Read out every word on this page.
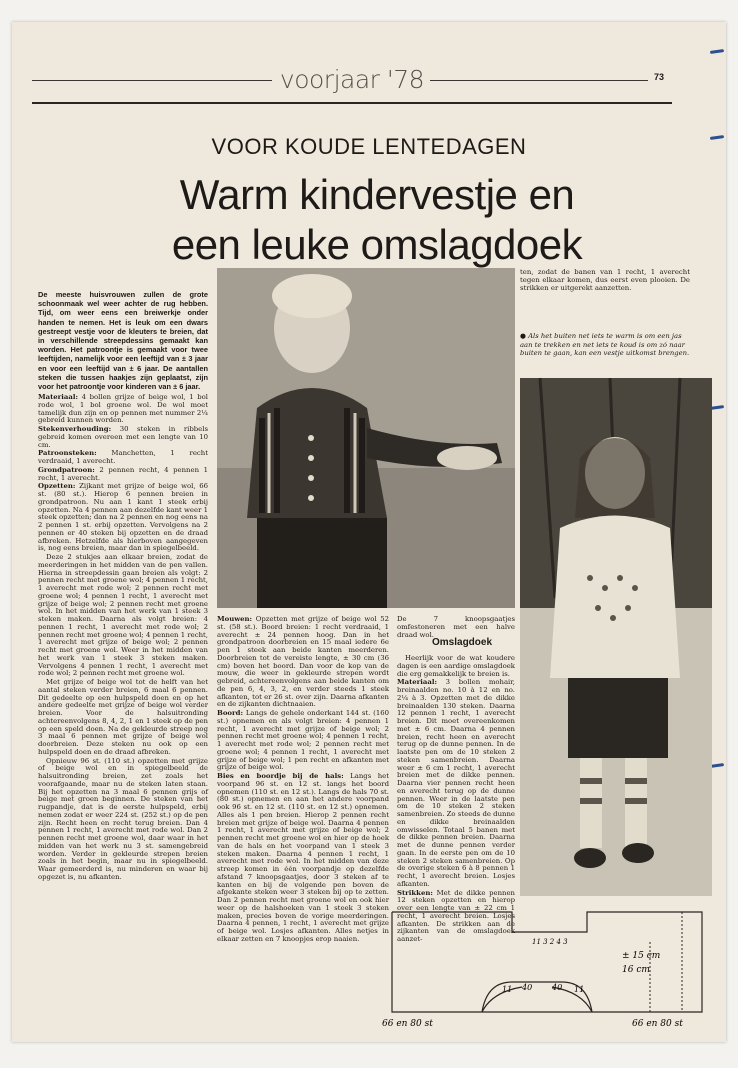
voorjaar '78	73
VOOR KOUDE LENTEDAGEN
Warm kindervestje en
een leuke omslagdoek
De meeste huisvrouwen zullen de grote schoonmaak wel weer achter de rug hebben. Tijd, om weer eens een breiwerkje onder handen te nemen. Het is leuk om een dwars gestreept vestje voor de kleuters te breien, dat in verschillende streepdessins gemaakt kan worden. Het patroontje is gemaakt voor twee leeftijden, namelijk voor een leeftijd van ± 3 jaar en voor een leeftijd van ± 6 jaar. De aantallen steken die tussen haakjes zijn geplaatst, zijn voor het patroontje voor kinderen van ± 6 jaar.

Materiaal: 4 bollen grijze of beige wol, 1 bol rode wol, 1 bol groene wol. De wol moet tamelijk dun zijn en op pennen met nummer 2¼ gebreid kunnen worden.

Stekenverhouding: 30 steken in ribbels gebreid komen overeen met een lengte van 10 cm.

Patroonsteken: Manchetten, 1 recht verdraaid, 1 averecht.

Grondpatroon: 2 pennen recht, 4 pennen 1 recht, 1 averecht.

Opzetten: Zijkant met grijze of beige wol, 66 st. (80 st.). Hierop 6 pennen breien in grondpatroon. Nu aan 1 kant 1 steek erbij opzetten. Na 4 pennen aan dezelfde kant weer 1 steek opzetten; dan na 2 pennen en nog eens na 2 pennen 1 st. erbij opzetten. Vervolgens na 2 pennen er 40 steken bij opzetten en de draad afbreken. Hetzelfde als hierboven aangegeven is, nog eens breien, maar dan in spiegelbeeld.

Deze 2 stukjes aan elkaar breien, zodat de meerderingen in het midden van de pen vallen. Hierna in streepdessin gaan breien als volgt: 2 pennen recht met groene wol; 4 pennen 1 recht, 1 averecht met rode wol; 2 pennen recht met groene wol; 4 pennen 1 recht, 1 averecht met grijze of beige wol; 2 pennen recht met groene wol. In het midden van het werk van 1 steek 3 steken maken. Daarna als volgt breien: 4 pennen 1 recht, 1 averecht met rode wol; 2 pennen recht met groene wol; 4 pennen 1 recht, 1 averecht met grijze of beige wol; 2 pennen recht met groene wol. Weer in het midden van het werk van 1 steek 3 steken maken. Vervolgens 4 pennen 1 recht, 1 averecht met rode wol; 2 pennen recht met groene wol.

Met grijze of beige wol tot de helft van het aantal steken verder breien, 6 maal 6 pennen. Dit gedeelte op een hulpspeld doen en op het andere gedeelte met grijze of beige wol verder breien. Voor de halsuitronding achtereenvolgens 8, 4, 2, 1 en 1 steek op de pen op een speld doen. Na de gekleurde streep nog 3 maal 6 pennen met grijze of beige wol doorbreien. Deze steken nu ook op een hulpspeld doen en de draad afbreken.

Opnieuw 96 st. (110 st.) opzetten met grijze of beige wol en in spiegelbeeld de halsuitronding breien, zet zoals het voorafgaande, maar nu de steken laten staan. Bij het opzetten na 3 maal 6 pennen grijs of beige met groen beginnen. De steken van het rugpandje, dat is de eerste hulpspeld, erbij nemen zodat er weer 224 st. (252 st.) op de pen zijn. Recht heen en recht terug breien. Dan 4 pennen 1 recht, 1 averecht met rode wol. Dan 2 pennen recht met groene wol, daar waar in het midden van het werk nu 3 st. samengebreid worden. Verder in gekleurde strepen breien zoals in het begin, maar nu in spiegelbeeld. Waar gemeerderd is, nu minderen en waar bij opgezet is, nu afkanten.

Mouwen: Opzetten met grijze of beige wol 52 st. (58 st.). Boord breien: 1 recht verdraaid, 1 averecht ± 24 pennen hoog. Dan in het grondpatroon doorbreien en 15 maal iedere 6e pen 1 steek aan beide kanten meerderen. Doorbreien tot de vereiste lengte, ± 30 cm (36 cm) boven het boord. Dan voor de kop van de mouw, die weer in gekleurde strepen wordt gebreid, achtereenvolgens aan beide kanten om de pen 6, 4, 3, 2, en verder steeds 1 steek afkanten, tot er 26 st. over zijn. Daarna afkanten en de zijkanten dichtnaaien.

Boord: Langs de gehele onderkant 144 st. (160 st.) opnemen en als volgt breien: 4 pennen 1 recht, 1 averecht met grijze of beige wol; 2 pennen recht met groene wol; 4 pennen 1 recht, 1 averecht met rode wol; 2 pennen recht met groene wol; 4 pennen 1 recht, 1 averecht met grijze of beige wol; 1 pen recht en afkanten met grijze of beige wol.

Bies en boordje bij de hals: Langs het voorpand 96 st. en 12 st. langs het boord opnemen (110 st. en 12 st.). Langs de hals 70 st. (80 st.) opnemen en aan het andere voorpand ook 96 st. en 12 st. (110 st. en 12 st.) opnemen. Alles als 1 pen breien. Hierop 2 pennen recht breien met grijze of beige wol. Daarna 4 pennen 1 recht, 1 averecht met grijze of beige wol; 2 pennen recht met groene wol en hier op de hoek van de hals en het voorpand van 1 steek 3 steken maken. Daarna 4 pennen 1 recht, 1 averecht met rode wol. In het midden van deze streep komen in één voorpandje op dezelfde afstand 7 knoopsgaatjes, door 3 steken af te kanten en bij de volgende pen boven de afgekante steken weer 3 steken bij op te zetten. Dan 2 pennen recht met groene wol en ook hier weer op de halshoeken van 1 steek 3 steken maken, precies boven de vorige meerderingen. Daarna 4 pennen, 1 recht, 1 averecht met grijze of beige wol. Losjes afkanten. Alles netjes in elkaar zetten en 7 knoopjes erop naaien.

ten, zodat de banen van 1 recht, 1 averecht tegen elkaar komen, dus eerst even plooien. De strikken er uitgerekt aanzetten.

● Als het buiten net iets te warm is om een jas aan te trekken en net iets te koud is om zó naar buiten te gaan, kan een vestje uitkomst brengen.

De 7 knoopsgaatjes omfestoneren met een halve draad wol.

Omslagdoek

Heerlijk voor de wat koudere dagen is een aardige omslagdoek die erg gemakkelijk te breien is.

Materiaal: 3 bollen mohair, breinaalden no. 10 à 12 en no. 2¼ à 3. Opzetten met de dikke breinaalden 130 steken. Daarna 12 pennen 1 recht, 1 averecht breien. Dit moet overeenkomen met ± 6 cm. Daarna 4 pennen breien, recht heen en averecht terug op de dunne pennen. In de laatste pen om de 10 steken 2 steken samenbreien. Daarna weer ± 6 cm 1 recht, 1 averecht breien met de dikke pennen. Daarna vier pennen recht heen en averecht terug op de dunne pennen. Weer in de laatste pen om de 10 steken 2 steken samenbreien. Zo steeds de dunne en dikke breinaalden omwisselen. Totaal 5 banen met de dikke pennen breien. Daarna met de dunne pennen verder gaan. In de eerste pen om de 10 steken 2 steken samenbreien. Op de overige steken 6 à 8 pennen 1 recht, 1 averecht breien. Losjes afkanten.

Strikken: Met de dikke pennen 12 steken opzetten en hierop over een lengte van ± 22 cm 1 recht, 1 averecht breien. Losjes afkanten. De strikken aan de zijkanten van de omslagdoek aanzet-	11 3 2 4 3
11 40 40 11
± 15 cm
16 cm
66 en 80 st	66 en 80 st
